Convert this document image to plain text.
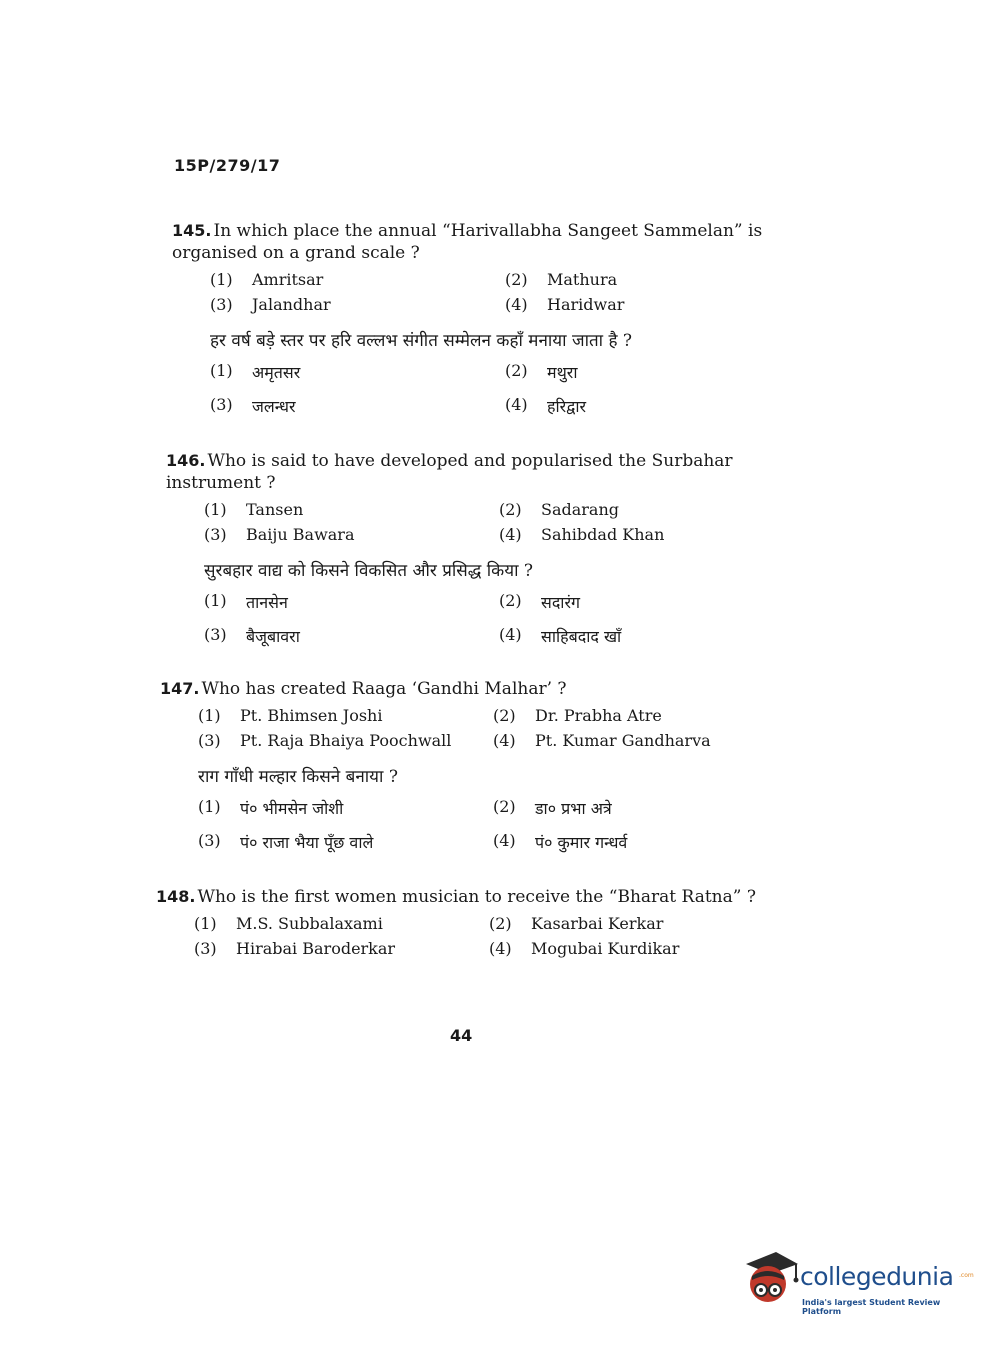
15P/279/17
145. In which place the annual “Harivallabha Sangeet Sammelan” is organised on a grand scale ?
(1)	Amritsar	(2)	Mathura
(3)	Jalandhar	(4)	Haridwar
हर वर्ष बड़े स्तर पर हरि वल्लभ संगीत सम्मेलन कहाँ मनाया जाता है ?
(1)	अमृतसर	(2)	मथुरा
(3)	जलन्धर	(4)	हरिद्वार
146. Who is said to have developed and popularised the Surbahar instrument ?
(1)	Tansen	(2)	Sadarang
(3)	Baiju Bawara	(4)	Sahibdad Khan
सुरबहार वाद्य को किसने विकसित और प्रसिद्ध किया ?
(1)	तानसेन	(2)	सदारंग
(3)	बैजूबावरा	(4)	साहिबदाद खाँ
147. Who has created Raaga ‘Gandhi Malhar’ ?
(1)	Pt. Bhimsen Joshi	(2)	Dr. Prabha Atre
(3)	Pt. Raja Bhaiya Poochwall	(4)	Pt. Kumar Gandharva
राग गाँधी मल्हार किसने बनाया ?
(1)	पं० भीमसेन जोशी	(2)	डा० प्रभा अत्रे
(3)	पं० राजा भैया पूँछ वाले	(4)	पं० कुमार गन्धर्व
148. Who is the first women musician to receive the “Bharat Ratna” ?
(1)	M.S. Subbalaxami	(2)	Kasarbai Kerkar
(3)	Hirabai Baroderkar	(4)	Mogubai Kurdikar
44
collegedunia .com
India's largest Student Review Platform
